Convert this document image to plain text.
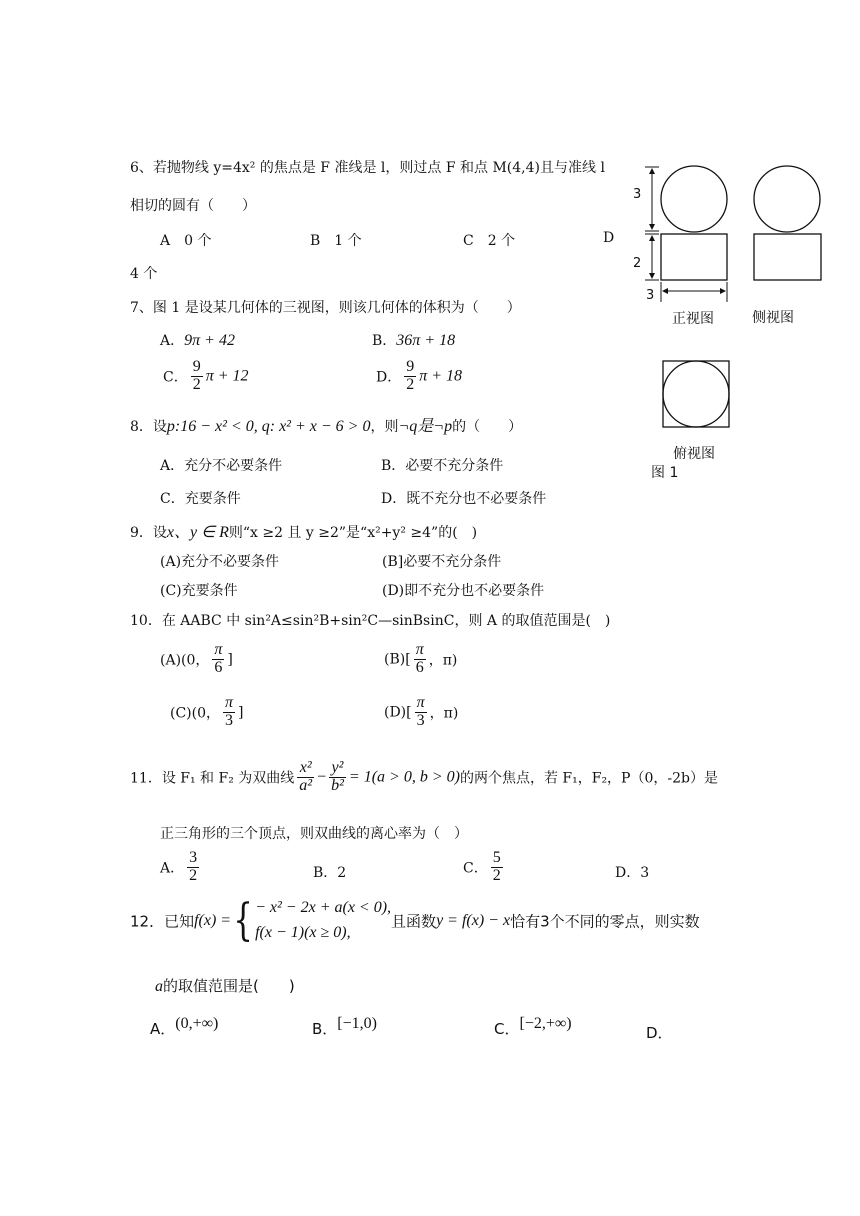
6、若抛物线 y=4x² 的焦点是 F 准线是 l，则过点 F 和点 M(4,4)且与准线 l
相切的圆有（　　）
A　0 个	B　1 个	C　2 个	D
4 个
7、图 1 是设某几何体的三视图，则该几何体的体积为（　　）
A．9π + 42	B．36π + 18
C． $\frac{9}{2}$ π + 12	D． $\frac{9}{2}$ π + 18
3
2
3
正视图	侧视图
俯视图
图 1
8．设p:16 − x² < 0, q: x² + x − 6 > 0，则¬q是¬p的（　　）
A．充分不必要条件	B．必要不充分条件
C．充要条件	D．既不充分也不必要条件
9．设x、y ∈ R则“x ≥2 且 y ≥2”是“x²+y² ≥4”的(　)
(A)充分不必要条件	(B]必要不充分条件
(C)充要条件	(D)即不充分也不必要条件
10．在 AABC 中 sin²A≤sin²B+sin²C—sinBsinC，则 A 的取值范围是(　)
(A)(0， $\frac{\pi}{6}$ ]	$(B)[ \frac{\pi}{6}$ ，π)
(C)(0， $\frac{\pi}{3}$ ]	$(D)[ \frac{\pi}{3}$ ，π)
11．设 F₁ 和 F₂ 为双曲线 $\frac{\text{x²}}{\text{a²}} - \frac{\text{y²}}{\text{b²}} = 1(a > 0$, b > 0)的两个焦点，若 F₁，F₂，P（0，-2b）是
正三角形的三个顶点，则双曲线的离心率为（　）
A． $\frac{3}{2}$	B．2	C． $\frac{5}{2}$	D．3
12．已知f(x) ={ − x² − 2x + a(x < 0),
f(x − 1)(x ≥ 0),
且函数y = f(x) − x恰有3个不同的零点，则实数
a的取值范围是(　　)
A．(0,+∞)	B．[−1,0)	C．[−2,+∞)
D．
